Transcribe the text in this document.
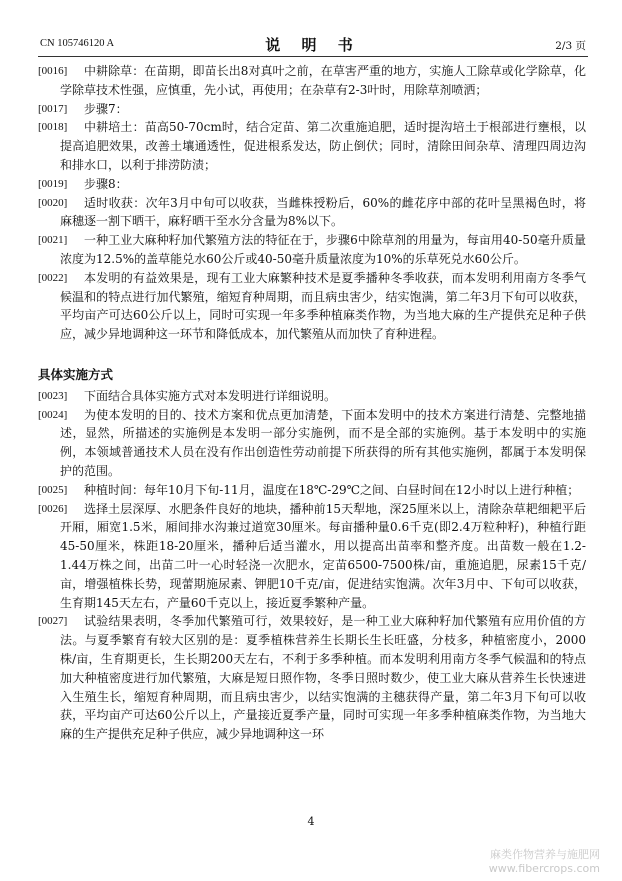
CN 105746120 A	说 明 书	2/3 页
[0016]	中耕除草：在苗期，即苗长出8对真叶之前，在草害严重的地方，实施人工除草或化学除草，化学除草技术性强，应慎重，先小试，再使用；在杂草有2-3叶时，用除草剂喷洒；
[0017]	步骤7：
[0018]	中耕培土：苗高50-70cm时，结合定苗、第二次重施追肥，适时提沟培土于根部进行壅根，以提高追肥效果，改善土壤通透性，促进根系发达，防止倒伏；同时，清除田间杂草、清理四周边沟和排水口，以利于排涝防渍；
[0019]	步骤8：
[0020]	适时收获：次年3月中旬可以收获，当雌株授粉后，60%的雌花序中部的花叶呈黑褐色时，将麻穗逐一割下晒干，麻籽晒干至水分含量为8%以下。
[0021]	一种工业大麻种籽加代繁殖方法的特征在于，步骤6中除草剂的用量为，每亩用40-50毫升质量浓度为12.5%的盖草能兑水60公斤或40-50毫升质量浓度为10%的乐草死兑水60公斤。
[0022]	本发明的有益效果是，现有工业大麻繁种技术是夏季播种冬季收获，而本发明利用南方冬季气候温和的特点进行加代繁殖，缩短育种周期，而且病虫害少，结实饱满，第二年3月下旬可以收获，平均亩产可达60公斤以上，同时可实现一年多季种植麻类作物，为当地大麻的生产提供充足种子供应，减少异地调种这一环节和降低成本，加代繁殖从而加快了育种进程。
具体实施方式
[0023]	下面结合具体实施方式对本发明进行详细说明。
[0024]	为使本发明的目的、技术方案和优点更加清楚，下面本发明中的技术方案进行清楚、完整地描述，显然，所描述的实施例是本发明一部分实施例，而不是全部的实施例。基于本发明中的实施例，本领域普通技术人员在没有作出创造性劳动前提下所获得的所有其他实施例，都属于本发明保护的范围。
[0025]	种植时间：每年10月下旬-11月，温度在18℃-29℃之间、白昼时间在12小时以上进行种植；
[0026]	选择土层深厚、水肥条件良好的地块，播种前15天犁地，深25厘米以上，清除杂草耙细耙平后开厢，厢宽1.5米，厢间排水沟兼过道宽30厘米。每亩播种量0.6千克(即2.4万粒种籽)，种植行距45-50厘米，株距18-20厘米，播种后适当灌水，用以提高出苗率和整齐度。出苗数一般在1.2-1.44万株之间，出苗二叶一心时轻浇一次肥水，定苗6500-7500株/亩，重施追肥，尿素15千克/亩，增强植株长势，现蕾期施尿素、钾肥10千克/亩，促进结实饱满。次年3月中、下旬可以收获，生育期145天左右，产量60千克以上，接近夏季繁种产量。
[0027]	试验结果表明，冬季加代繁殖可行，效果较好，是一种工业大麻种籽加代繁殖有应用价值的方法。与夏季繁育有较大区别的是：夏季植株营养生长期长生长旺盛，分枝多，种植密度小，2000株/亩，生育期更长，生长期200天左右，不利于多季种植。而本发明利用南方冬季气候温和的特点加大种植密度进行加代繁殖，大麻是短日照作物，冬季日照时数少，使工业大麻从营养生长快速进入生殖生长，缩短育种周期，而且病虫害少，以结实饱满的主穗获得产量，第二年3月下旬可以收获，平均亩产可达60公斤以上，产量接近夏季产量，同时可实现一年多季种植麻类作物，为当地大麻的生产提供充足种子供应，减少异地调种这一环
4
麻类作物营养与施肥网
www.fibercrops.com
